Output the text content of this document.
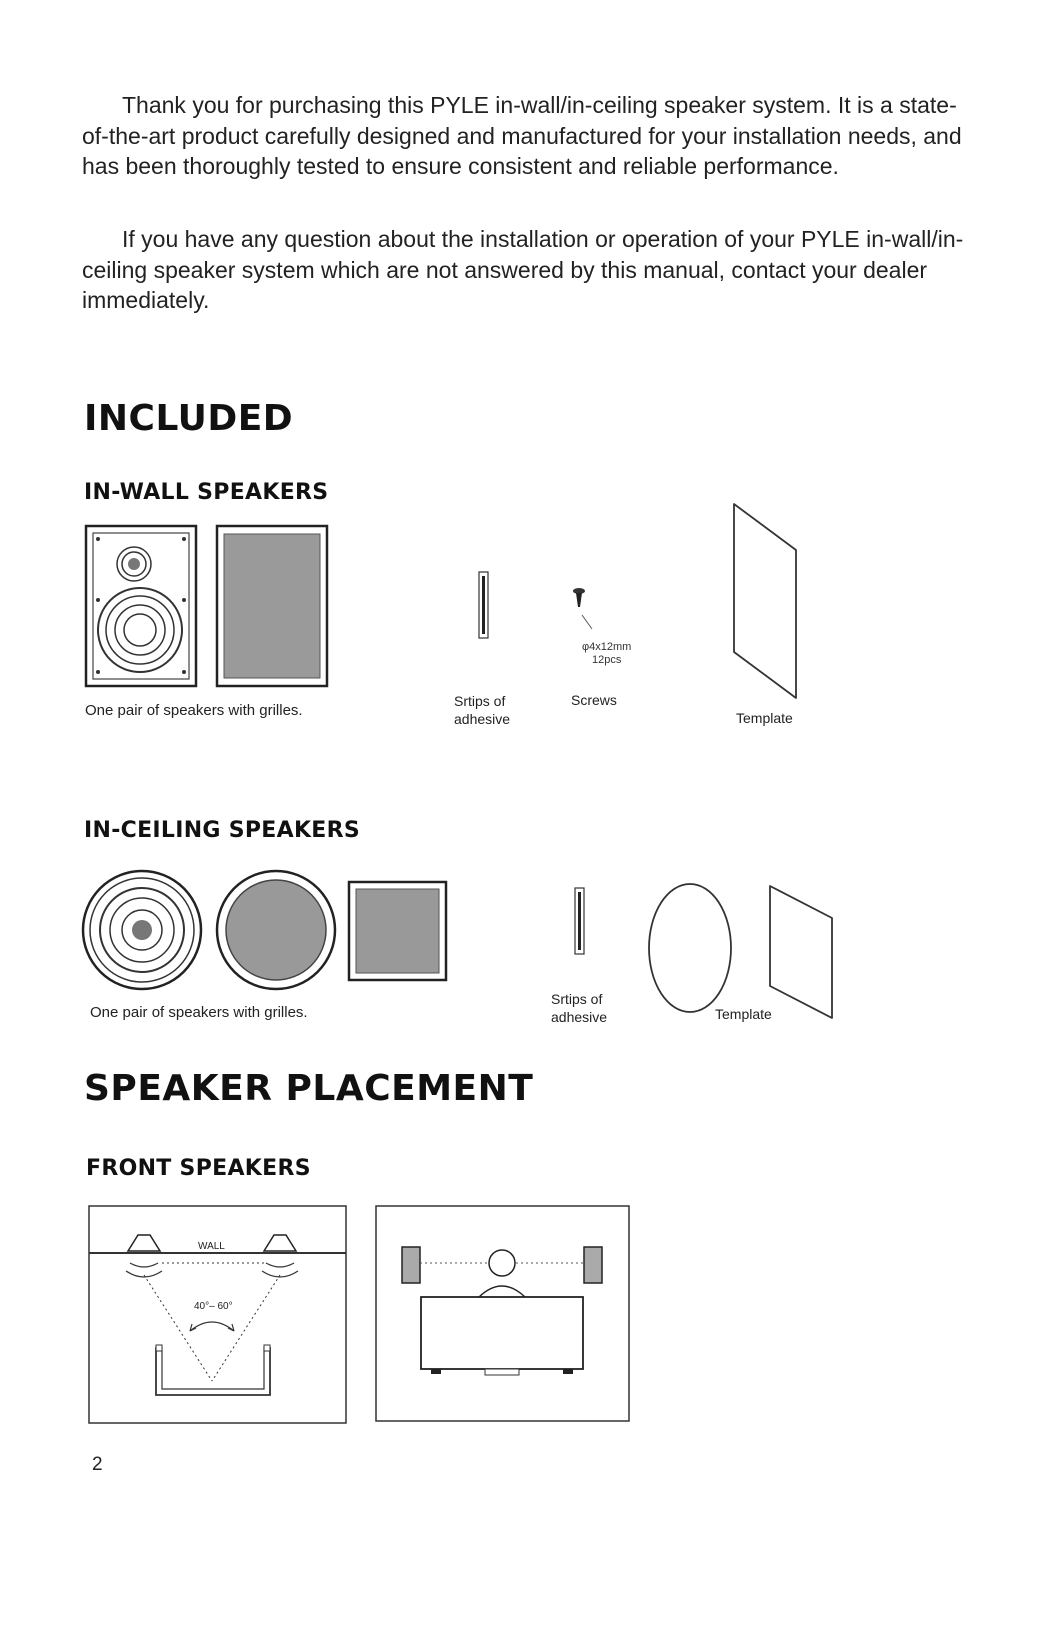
Thank you for purchasing this PYLE in-wall/in-ceiling speaker system. It is a state-of-the-art product carefully designed and manufactured for your installation needs, and has been thoroughly tested to ensure consistent and reliable performance.

If you have any question about the installation or operation of your PYLE in-wall/in-ceiling speaker system which are not answered by this manual, contact your dealer immediately.

INCLUDED
IN-WALL SPEAKERS
One pair of speakers with grilles.
Srtips of
adhesive
φ4x12mm
12pcs
Screws
Template
IN-CEILING SPEAKERS
One pair of speakers with grilles.
Srtips of
adhesive	Template
SPEAKER PLACEMENT
FRONT SPEAKERS
WALL
40°– 60°
2
